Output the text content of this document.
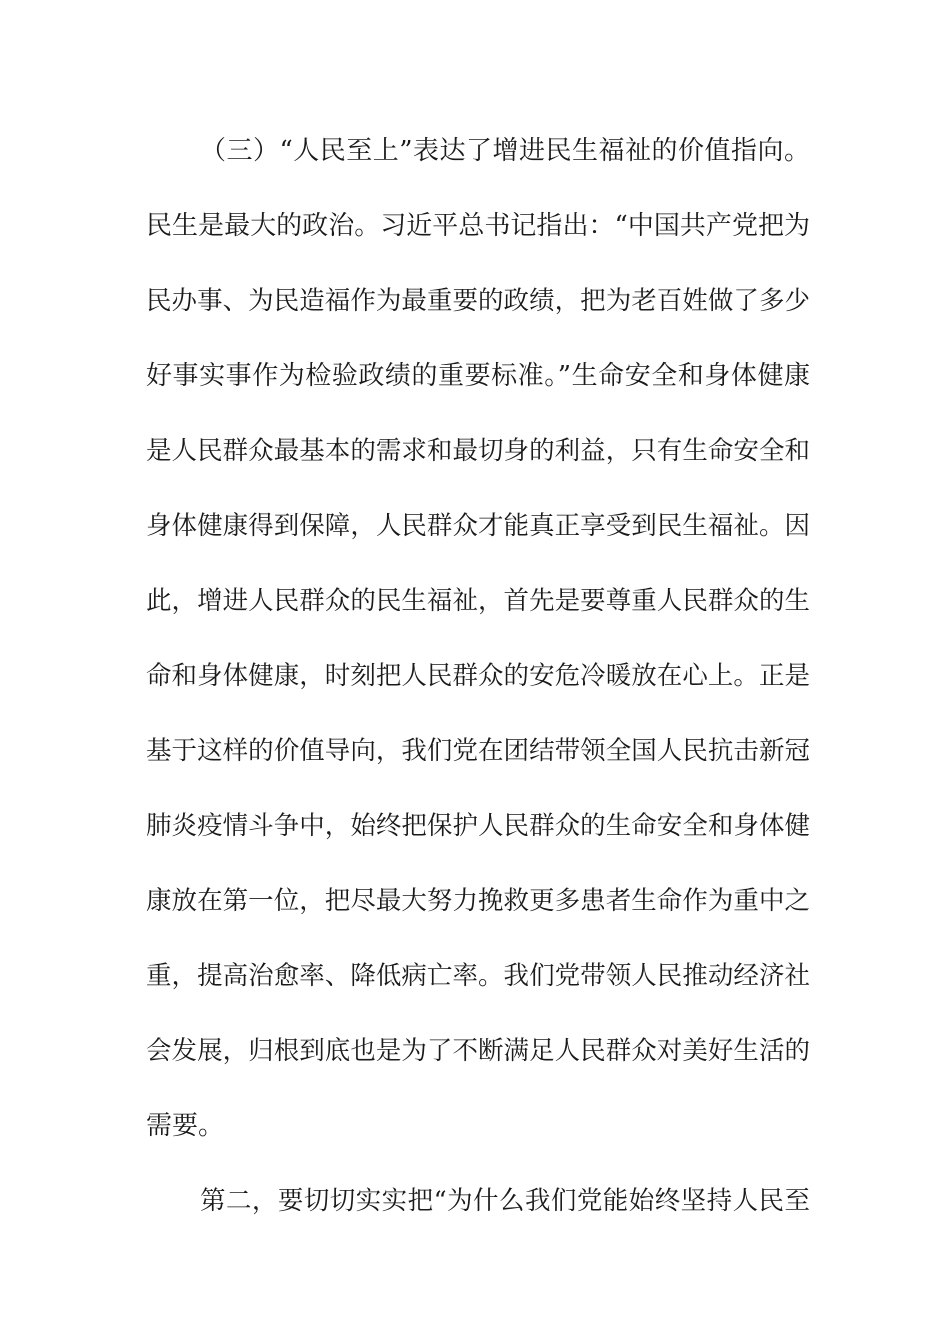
（三）“人民至上”表达了增进民生福祉的价值指向。
民生是最大的政治。习近平总书记指出：“中国共产党把为
民办事、为民造福作为最重要的政绩，把为老百姓做了多少
好事实事作为检验政绩的重要标准。”生命安全和身体健康
是人民群众最基本的需求和最切身的利益，只有生命安全和
身体健康得到保障，人民群众才能真正享受到民生福祉。因
此，增进人民群众的民生福祉，首先是要尊重人民群众的生
命和身体健康，时刻把人民群众的安危冷暖放在心上。正是
基于这样的价值导向，我们党在团结带领全国人民抗击新冠
肺炎疫情斗争中，始终把保护人民群众的生命安全和身体健
康放在第一位，把尽最大努力挽救更多患者生命作为重中之
重，提高治愈率、降低病亡率。我们党带领人民推动经济社
会发展，归根到底也是为了不断满足人民群众对美好生活的
需要。
第二，要切切实实把“为什么我们党能始终坚持人民至
